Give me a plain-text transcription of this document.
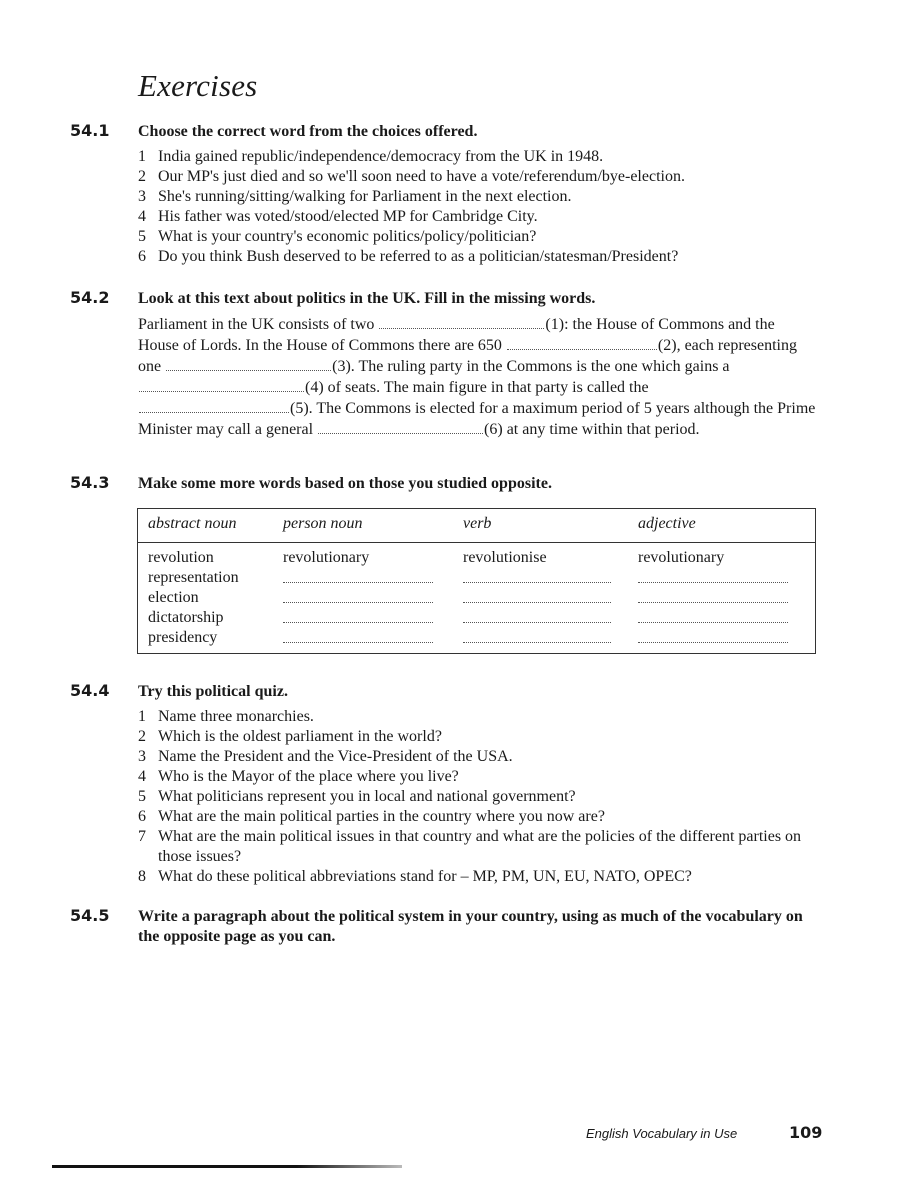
Exercises
54.1 Choose the correct word from the choices offered.
1 India gained republic/independence/democracy from the UK in 1948.
2 Our MP's just died and so we'll soon need to have a vote/referendum/bye-election.
3 She's running/sitting/walking for Parliament in the next election.
4 His father was voted/stood/elected MP for Cambridge City.
5 What is your country's economic politics/policy/politician?
6 Do you think Bush deserved to be referred to as a politician/statesman/President?
54.2 Look at this text about politics in the UK. Fill in the missing words.
Parliament in the UK consists of two	(1): the House of Commons and the House of Lords. In the House of Commons there are 650	(2), each representing one	(3). The ruling party in the Commons is the one which gains a (4) of seats. The main figure in that party is called the (5). The Commons is elected for a maximum period of 5 years although the Prime Minister may call a general	(6) at any time within that period.
54.3 Make some more words based on those you studied opposite.
abstract noun	person noun	verb	adjective
revolution	revolutionary	revolutionise	revolutionary
representation
election
dictatorship
presidency
54.4 Try this political quiz.
1 Name three monarchies.
2 Which is the oldest parliament in the world?
3 Name the President and the Vice-President of the USA.
4 Who is the Mayor of the place where you live?
5 What politicians represent you in local and national government?
6 What are the main political parties in the country where you now are?
7 What are the main political issues in that country and what are the policies of the different parties on those issues?
8 What do these political abbreviations stand for – MP, PM, UN, EU, NATO, OPEC?
54.5 Write a paragraph about the political system in your country, using as much of the vocabulary on the opposite page as you can.
English Vocabulary in Use	109
